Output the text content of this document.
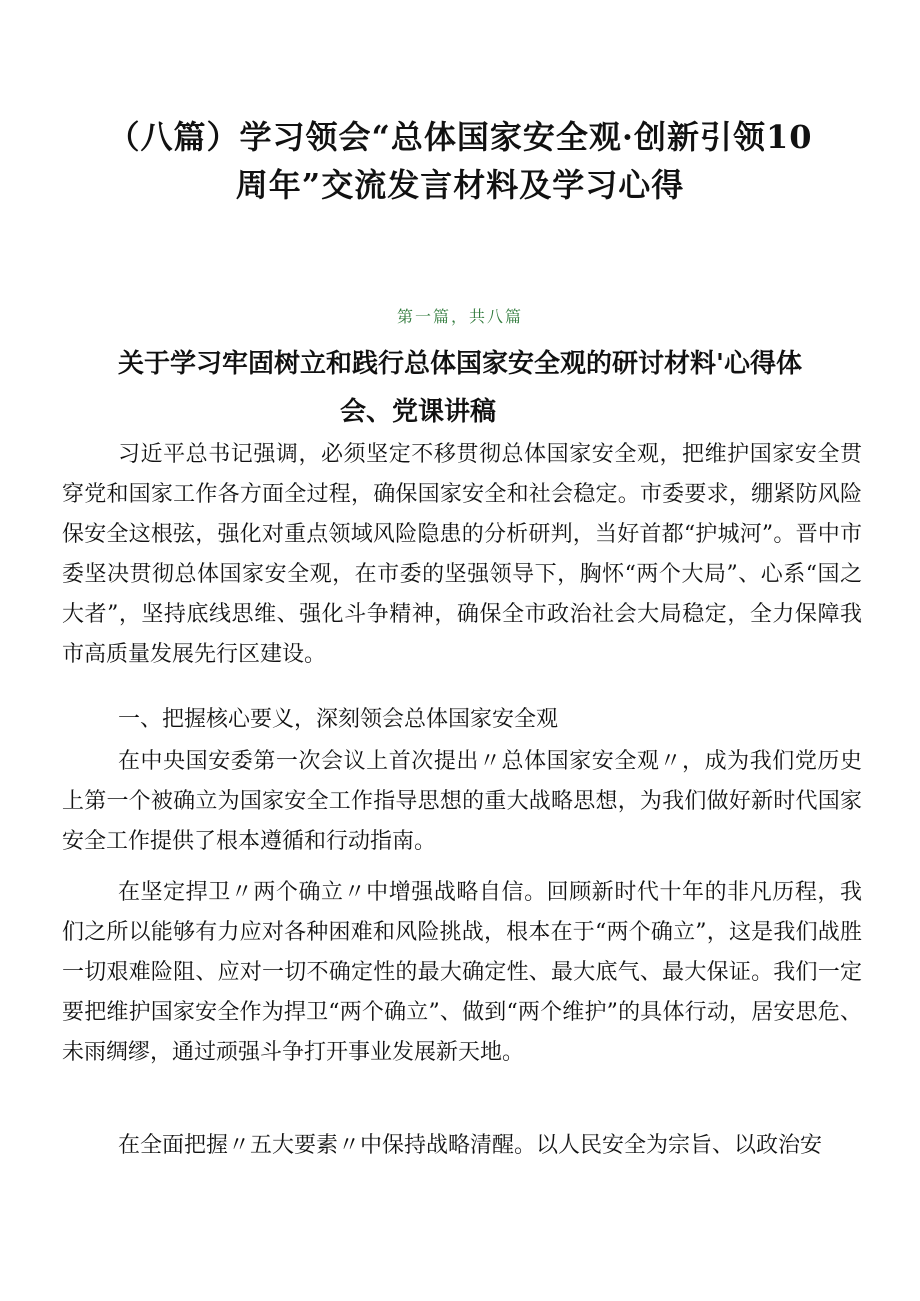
（八篇）学习领会“总体国家安全观·创新引领10
周年”交流发言材料及学习心得
第一篇，共八篇
关于学习牢固树立和践行总体国家安全观的研讨材料'心得体
会、党课讲稿

习近平总书记强调，必须坚定不移贯彻总体国家安全观，把维护国家安全贯穿党和国家工作各方面全过程，确保国家安全和社会稳定。市委要求，绷紧防风险保安全这根弦，强化对重点领域风险隐患的分析研判，当好首都“护城河”。晋中市委坚决贯彻总体国家安全观，在市委的坚强领导下，胸怀“两个大局”、心系“国之大者”，坚持底线思维、强化斗争精神，确保全市政治社会大局稳定，全力保障我市高质量发展先行区建设。

一、把握核心要义，深刻领会总体国家安全观

在中央国安委第一次会议上首次提出〃总体国家安全观〃，成为我们党历史上第一个被确立为国家安全工作指导思想的重大战略思想，为我们做好新时代国家安全工作提供了根本遵循和行动指南。

在坚定捍卫〃两个确立〃中增强战略自信。回顾新时代十年的非凡历程，我们之所以能够有力应对各种困难和风险挑战，根本在于“两个确立”，这是我们战胜一切艰难险阻、应对一切不确定性的最大确定性、最大底气、最大保证。我们一定要把维护国家安全作为捍卫“两个确立”、做到“两个维护”的具体行动，居安思危、未雨绸缪，通过顽强斗争打开事业发展新天地。

在全面把握〃五大要素〃中保持战略清醒。以人民安全为宗旨、以政治安
